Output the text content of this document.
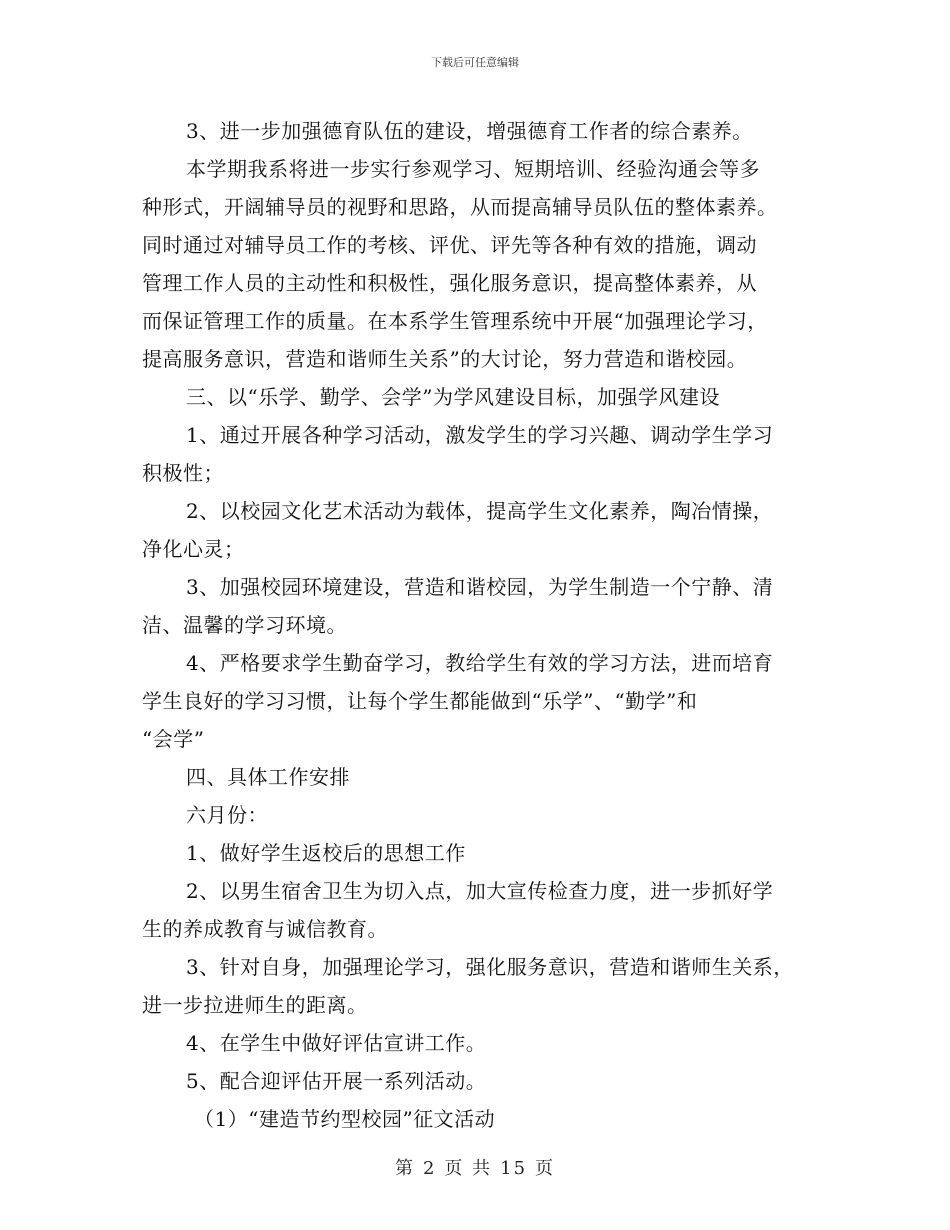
下载后可任意编辑
3、进一步加强德育队伍的建设，增强德育工作者的综合素养。
本学期我系将进一步实行参观学习、短期培训、经验沟通会等多
种形式，开阔辅导员的视野和思路，从而提高辅导员队伍的整体素养。
同时通过对辅导员工作的考核、评优、评先等各种有效的措施，调动
管理工作人员的主动性和积极性，强化服务意识，提高整体素养，从
而保证管理工作的质量。在本系学生管理系统中开展“加强理论学习，
提高服务意识，营造和谐师生关系”的大讨论，努力营造和谐校园。
三、以“乐学、勤学、会学”为学风建设目标，加强学风建设
1、通过开展各种学习活动，激发学生的学习兴趣、调动学生学习
积极性；
2、以校园文化艺术活动为载体，提高学生文化素养，陶冶情操，
净化心灵；
3、加强校园环境建设，营造和谐校园，为学生制造一个宁静、清
洁、温馨的学习环境。
4、严格要求学生勤奋学习，教给学生有效的学习方法，进而培育
学生良好的学习习惯，让每个学生都能做到“乐学”、“勤学”和
“会学”
四、具体工作安排
六月份：
1、做好学生返校后的思想工作
2、以男生宿舍卫生为切入点，加大宣传检查力度，进一步抓好学
生的养成教育与诚信教育。
3、针对自身，加强理论学习，强化服务意识，营造和谐师生关系，
进一步拉进师生的距离。
4、在学生中做好评估宣讲工作。
5、配合迎评估开展一系列活动。
（1）“建造节约型校园”征文活动
第 2 页 共 15 页
